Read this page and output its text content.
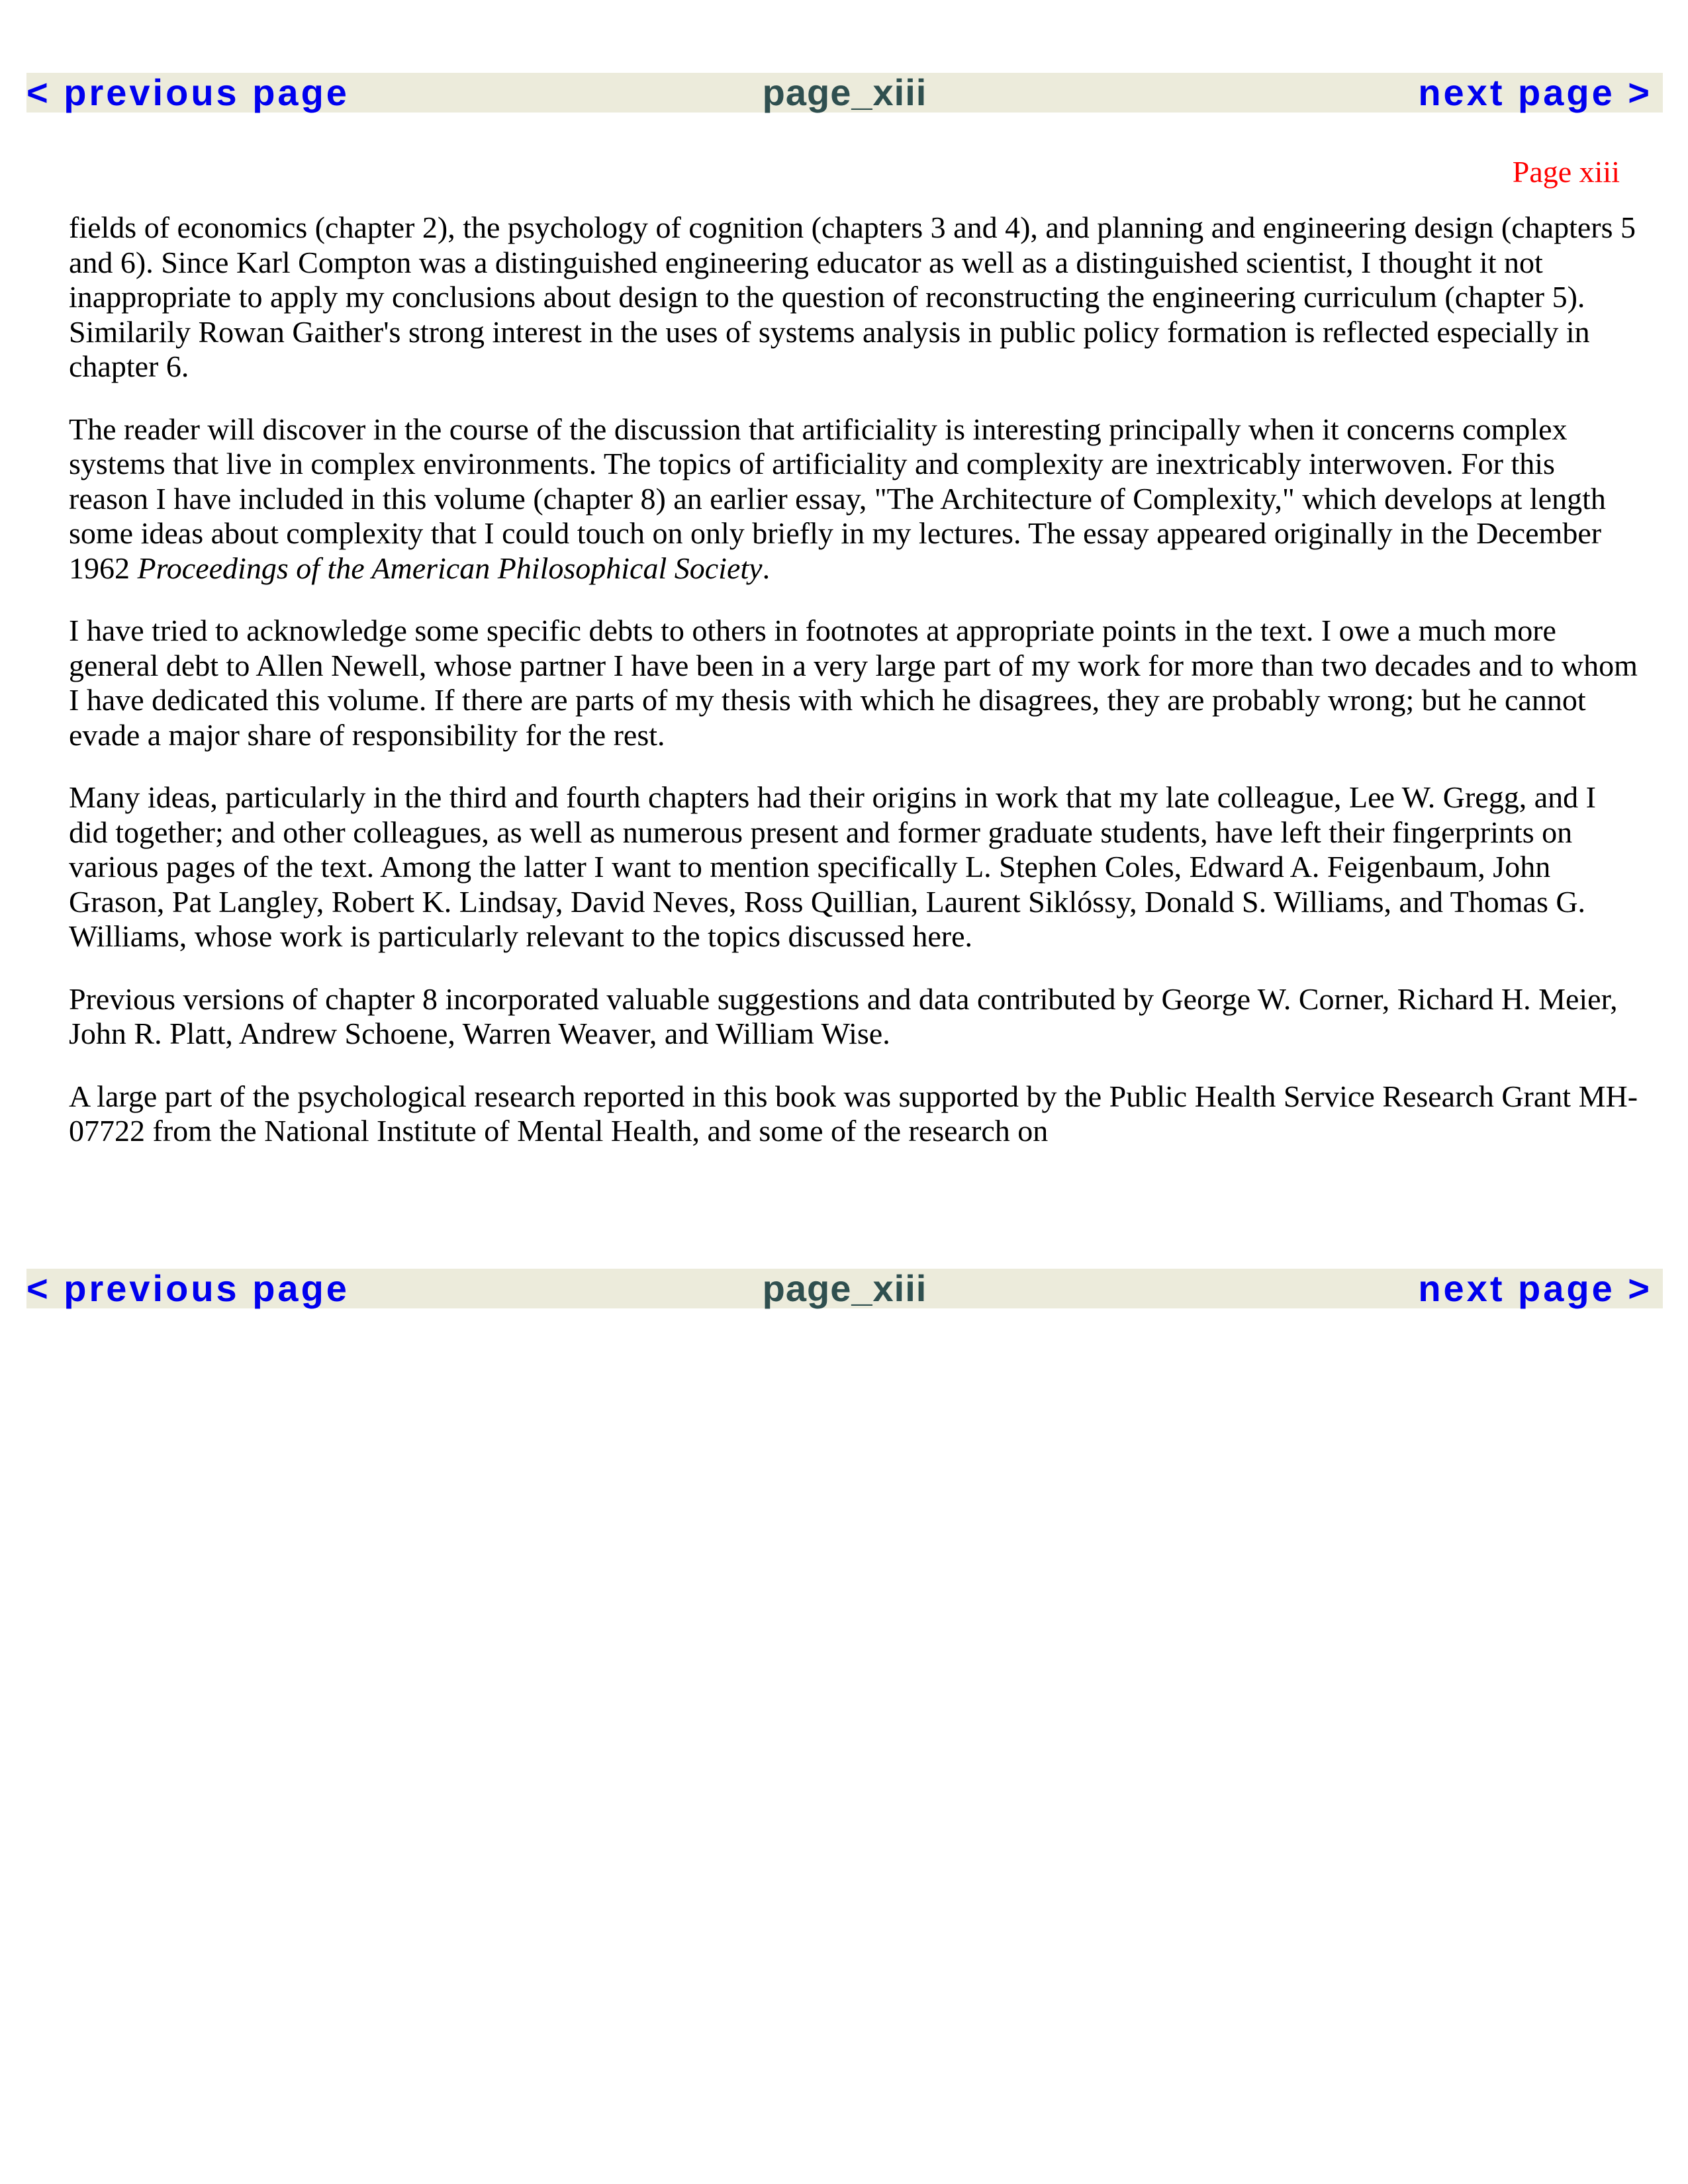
< previous page	page_xiii	next page >
Page xiii

fields of economics (chapter 2), the psychology of cognition (chapters 3 and 4), and planning and engineering design (chapters 5 and 6). Since Karl Compton was a distinguished engineering educator as well as a distinguished scientist, I thought it not inappropriate to apply my conclusions about design to the question of reconstructing the engineering curriculum (chapter 5). Similarily Rowan Gaither's strong interest in the uses of systems analysis in public policy formation is reflected especially in chapter 6.

The reader will discover in the course of the discussion that artificiality is interesting principally when it concerns complex systems that live in complex environments. The topics of artificiality and complexity are inextricably interwoven. For this reason I have included in this volume (chapter 8) an earlier essay, "The Architecture of Complexity," which develops at length some ideas about complexity that I could touch on only briefly in my lectures. The essay appeared originally in the December 1962 Proceedings of the American Philosophical Society.

I have tried to acknowledge some specific debts to others in footnotes at appropriate points in the text. I owe a much more general debt to Allen Newell, whose partner I have been in a very large part of my work for more than two decades and to whom I have dedicated this volume. If there are parts of my thesis with which he disagrees, they are probably wrong; but he cannot evade a major share of responsibility for the rest.

Many ideas, particularly in the third and fourth chapters had their origins in work that my late colleague, Lee W. Gregg, and I did together; and other colleagues, as well as numerous present and former graduate students, have left their fingerprints on various pages of the text. Among the latter I want to mention specifically L. Stephen Coles, Edward A. Feigenbaum, John Grason, Pat Langley, Robert K. Lindsay, David Neves, Ross Quillian, Laurent Siklóssy, Donald S. Williams, and Thomas G. Williams, whose work is particularly relevant to the topics discussed here.

Previous versions of chapter 8 incorporated valuable suggestions and data contributed by George W. Corner, Richard H. Meier, John R. Platt, Andrew Schoene, Warren Weaver, and William Wise.

A large part of the psychological research reported in this book was supported by the Public Health Service Research Grant MH-07722 from the National Institute of Mental Health, and some of the research on

< previous page	page_xiii	next page >
